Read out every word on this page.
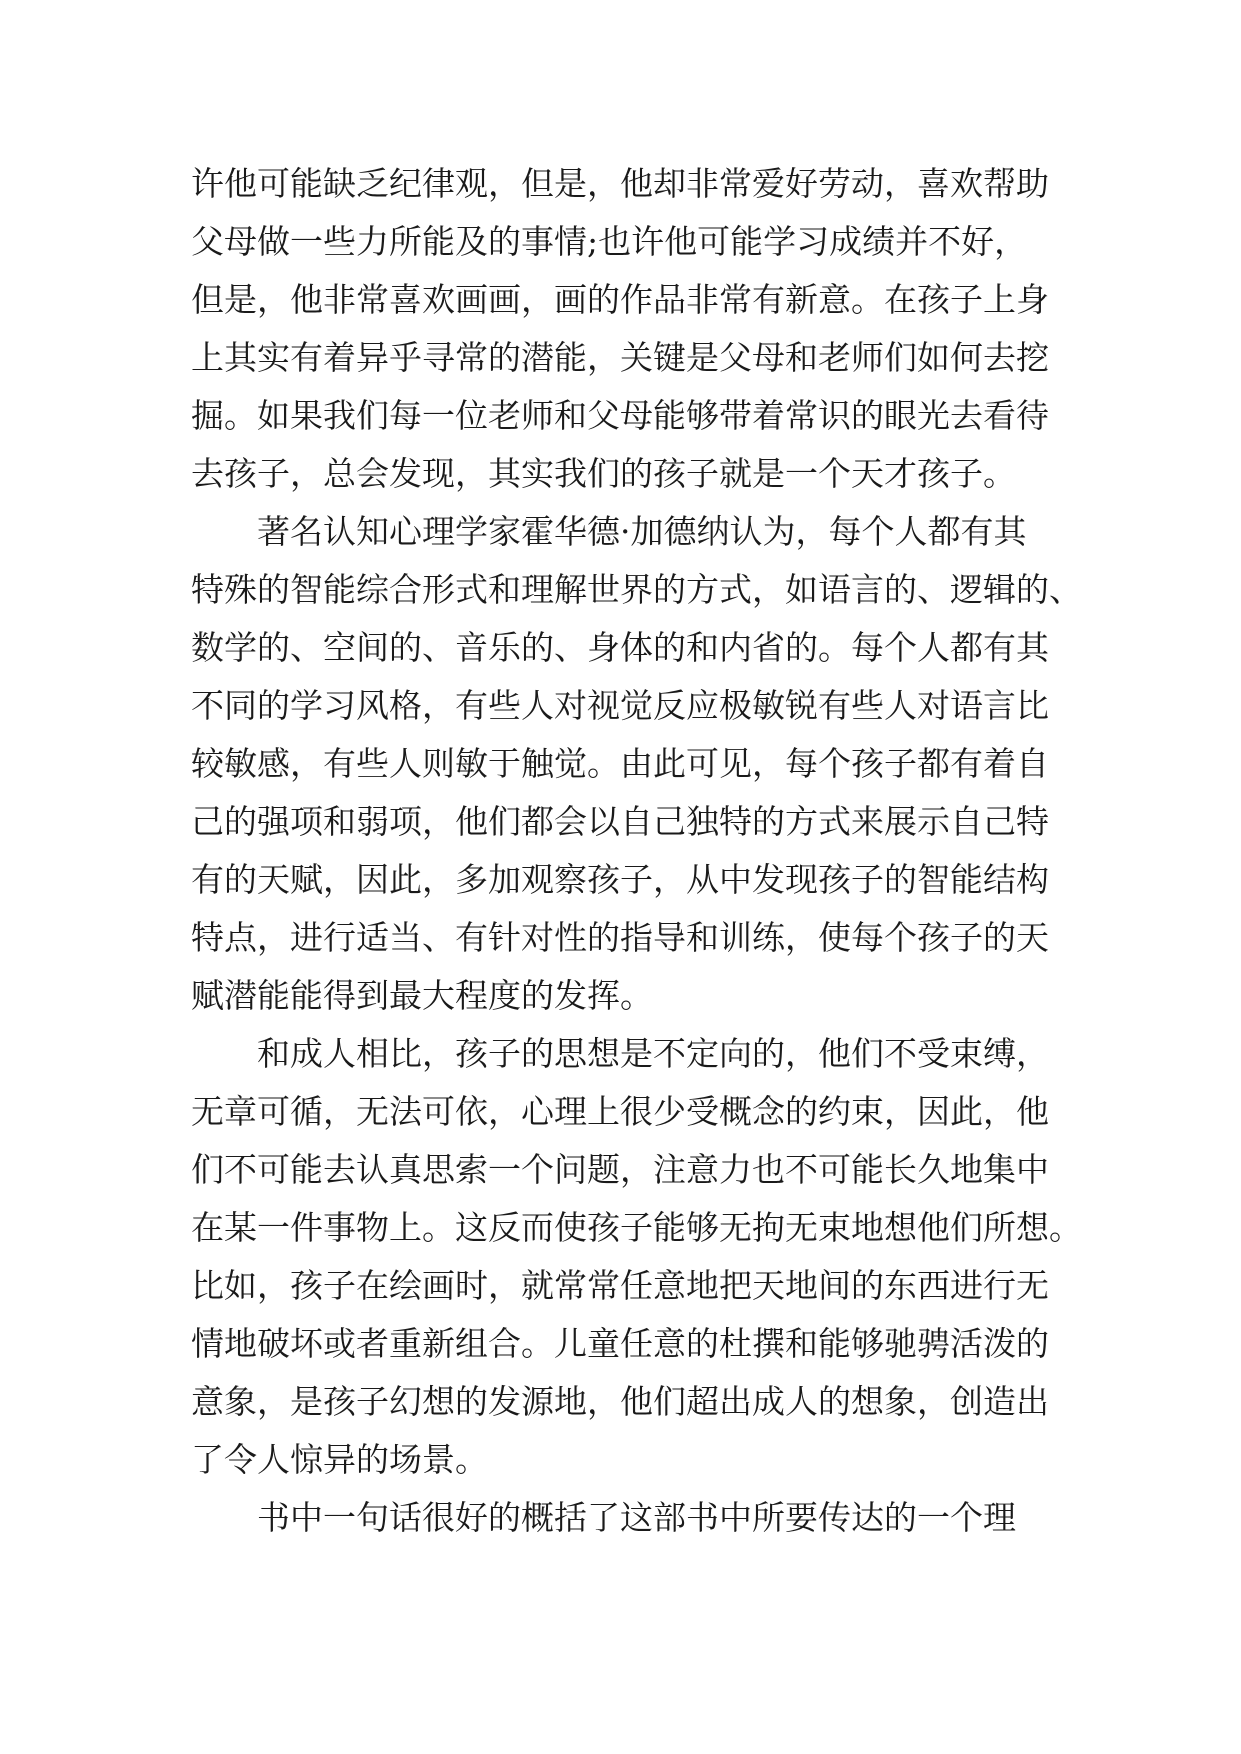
许他可能缺乏纪律观，但是，他却非常爱好劳动，喜欢帮助
父母做一些力所能及的事情;也许他可能学习成绩并不好，
但是，他非常喜欢画画，画的作品非常有新意。在孩子上身
上其实有着异乎寻常的潜能，关键是父母和老师们如何去挖
掘。如果我们每一位老师和父母能够带着常识的眼光去看待
去孩子，总会发现，其实我们的孩子就是一个天才孩子。
　　著名认知心理学家霍华德·加德纳认为，每个人都有其
特殊的智能综合形式和理解世界的方式，如语言的、逻辑的、
数学的、空间的、音乐的、身体的和内省的。每个人都有其
不同的学习风格，有些人对视觉反应极敏锐有些人对语言比
较敏感，有些人则敏于触觉。由此可见，每个孩子都有着自
己的强项和弱项，他们都会以自己独特的方式来展示自己特
有的天赋，因此，多加观察孩子，从中发现孩子的智能结构
特点，进行适当、有针对性的指导和训练，使每个孩子的天
赋潜能能得到最大程度的发挥。
　　和成人相比，孩子的思想是不定向的，他们不受束缚，
无章可循，无法可依，心理上很少受概念的约束，因此，他
们不可能去认真思索一个问题，注意力也不可能长久地集中
在某一件事物上。这反而使孩子能够无拘无束地想他们所想。
比如，孩子在绘画时，就常常任意地把天地间的东西进行无
情地破坏或者重新组合。儿童任意的杜撰和能够驰骋活泼的
意象，是孩子幻想的发源地，他们超出成人的想象，创造出
了令人惊异的场景。
　　书中一句话很好的概括了这部书中所要传达的一个理
